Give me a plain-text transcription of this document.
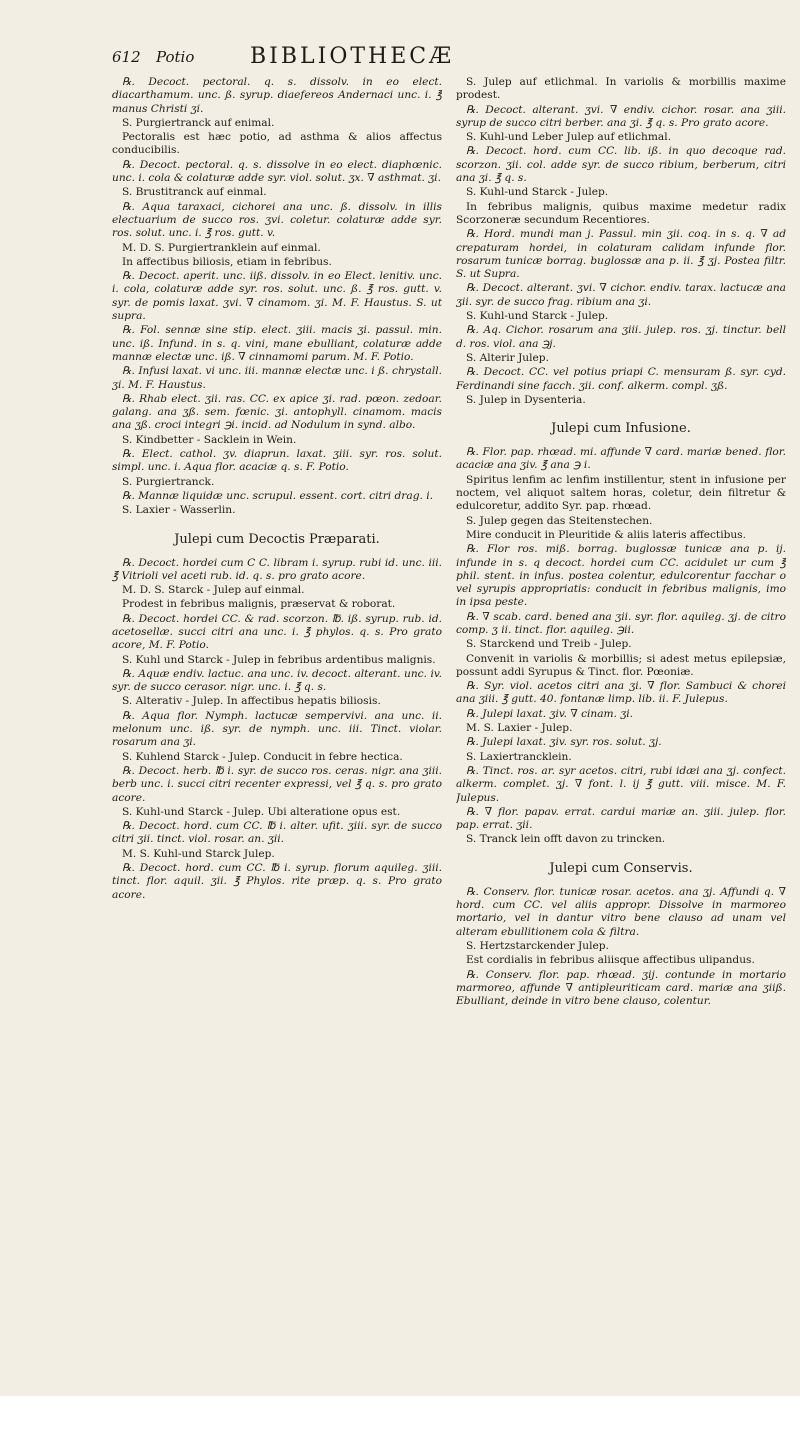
612 Potio	BIBLIOTHECÆ

℞. Decoct. pectoral. q. s. dissolv. in eo elect. diacarthamum. unc. ß. syrup. diaefereos Andernaci unc. i. ℥ manus Christi ʒi.

S. Purgiertranck auf enimal.

Pectoralis est hæc potio, ad asthma & alios affectus conducibilis.

℞. Decoct. pectoral. q. s. dissolve in eo elect. diaphœnic. unc. i. cola & colaturæ adde syr. viol. solut. ʒx. ∇ asthmat. ʒi.

S. Brustitranck auf einmal.

℞. Aqua taraxaci, cichorei ana unc. ß. dissolv. in illis electuarium de succo ros. ʒvi. coletur. colaturæ adde syr. ros. solut. unc. i. ℥ ros. gutt. v.

M. D. S. Purgiertranklein auf einmal.

In affectibus biliosis, etiam in febribus.

℞. Decoct. aperit. unc. iiß. dissolv. in eo Elect. lenitiv. unc. i. cola, colaturæ adde syr. ros. solut. unc. ß. ℥ ros. gutt. v. syr. de pomis laxat. ʒvi. ∇ cinamom. ʒi. M. F. Haustus. S. ut supra.

℞. Fol. sennæ sine stip. elect. ʒiii. macis ʒi. passul. min. unc. iß. Infund. in s. q. vini, mane ebulliant, colaturæ adde mannæ electæ unc. iß. ∇ cinnamomi parum. M. F. Potio.

℞. Infusi laxat. vi unc. iii. mannæ electæ unc. i ß. chrystall. ʒi. M. F. Haustus.

℞. Rhab elect. ʒii. ras. CC. ex apice ʒi. rad. pœon. zedoar. galang. ana ʒß. sem. fœnic. ʒi. antophyll. cinamom. macis ana ʒß. croci integri ℈i. incid. ad Nodulum in synd. albo.

S. Kindbetter - Sacklein in Wein.

℞. Elect. cathol. ʒv. diaprun. laxat. ʒiii. syr. ros. solut. simpl. unc. i. Aqua flor. acaciæ q. s. F. Potio.

S. Purgiertranck.

℞. Mannæ liquidæ unc. scrupul. essent. cort. citri drag. i.

S. Laxier - Wasserlin.

Julepi cum Decoctis Præparati.

℞. Decoct. hordei cum C C. libram i. syrup. rubi id. unc. iii. ℥ Vitrioli vel aceti rub. id. q. s. pro grato acore.

M. D. S. Starck - Julep auf einmal.

Prodest in febribus malignis, præservat & roborat.

℞. Decoct. hordei CC. & rad. scorzon. ℔. iß. syrup. rub. id. acetosellæ. succi citri ana unc. i. ℥ phylos. q. s. Pro grato acore, M. F. Potio.

S. Kuhl und Starck - Julep in febribus ardentibus malignis.

℞. Aquæ endiv. lactuc. ana unc. iv. decoct. alterant. unc. iv. syr. de succo cerasor. nigr. unc. i. ℥ q. s.

S. Alterativ - Julep. In affectibus hepatis biliosis.

℞. Aqua flor. Nymph. lactucæ sempervivi. ana unc. ii. melonum unc. iß. syr. de nymph. unc. iii. Tinct. violar. rosarum ana ʒi.

S. Kuhlend Starck - Julep. Conducit in febre hectica.

℞. Decoct. herb. ℔ i. syr. de succo ros. ceras. nigr. ana ʒiii. berb unc. i. succi citri recenter expressi, vel ℥ q. s. pro grato acore.

S. Kuhl-und Starck - Julep. Ubi alteratione opus est.

℞. Decoct. hord. cum CC. ℔ i. alter. ufit. ʒiii. syr. de succo citri ʒii. tinct. viol. rosar. an. ʒii.

M. S. Kuhl-und Starck Julep.

℞. Decoct. hord. cum CC. ℔ i. syrup. florum aquileg. ʒiii. tinct. flor. aquil. ʒii. ℥ Phylos. rite præp. q. s. Pro grato acore.

S. Julep auf etlichmal. In variolis & morbillis maxime prodest.

℞. Decoct. alterant. ʒvi. ∇ endiv. cichor. rosar. ana ʒiii. syrup de succo citri berber. ana ʒi. ℥ q. s. Pro grato acore.

S. Kuhl-und Leber Julep auf etlichmal.

℞. Decoct. hord. cum CC. lib. iß. in quo decoque rad. scorzon. ʒii. col. adde syr. de succo ribium, berberum, citri ana ʒi. ℥ q. s.

S. Kuhl-und Starck - Julep.

In febribus malignis, quibus maxime medetur radix Scorzoneræ secundum Recentiores.

℞. Hord. mundi man j. Passul. min ʒii. coq. in s. q. ∇ ad crepaturam hordei, in colaturam calidam infunde flor. rosarum tunicæ borrag. buglossæ ana p. ii. ℥ ʒj. Postea filtr. S. ut Supra.

℞. Decoct. alterant. ʒvi. ∇ cichor. endiv. tarax. lactucæ ana ʒii. syr. de succo frag. ribium ana ʒi.

S. Kuhl-und Starck - Julep.

℞. Aq. Cichor. rosarum ana ʒiii. julep. ros. ʒj. tinctur. bell d. ros. viol. ana ℈j.

S. Alterir Julep.

℞. Decoct. CC. vel potius priapi C. mensuram ß. syr. cyd. Ferdinandi sine facch. ʒii. conf. alkerm. compl. ʒß.

S. Julep in Dysenteria.

Julepi cum Infusione.

℞. Flor. pap. rhœad. mi. affunde ∇ card. mariæ bened. flor. acaciæ ana ʒiv. ℥ ana ℈ i.

Spiritus lenfim ac lenfim instillentur, stent in infusione per noctem, vel aliquot saltem horas, coletur, dein filtretur & edulcoretur, addito Syr. pap. rhœad.

S. Julep gegen das Steitenstechen.

Mire conducit in Pleuritide & aliis lateris affectibus.

℞. Flor ros. miß. borrag. buglossæ tunicæ ana p. ij. infunde in s. q decoct. hordei cum CC. acidulet ur cum ℥ phil. stent. in infus. postea colentur, edulcorentur facchar o vel syrupis appropriatis: conducit in febribus malignis, imo in ipsa peste.

℞. ∇ scab. card. bened ana ʒii. syr. flor. aquileg. ʒj. de citro comp. ʒ ii. tinct. flor. aquileg. ℈ii.

S. Starckend und Treib - Julep.

Convenit in variolis & morbillis; si adest metus epilepsiæ, possunt addi Syrupus & Tinct. flor. Pœoniæ.

℞. Syr. viol. acetos citri ana ʒi. ∇ flor. Sambuci & chorei ana ʒiii. ℥ gutt. 40. fontanæ limp. lib. ii. F. Julepus.

℞. Julepi laxat. ʒiv. ∇ cinam. ʒi.

M. S. Laxier - Julep.

℞. Julepi laxat. ʒiv. syr. ros. solut. ʒj.

S. Laxiertrancklein.

℞. Tinct. ros. ar. syr acetos. citri, rubi idæi ana ʒj. confect. alkerm. complet. ʒj. ∇ font. l. ij ℥ gutt. viii. misce. M. F. Julepus.

℞. ∇ flor. papav. errat. cardui mariæ an. ʒiii. julep. flor. pap. errat. ʒii.

S. Tranck lein offt davon zu trincken.

Julepi cum Conservis.

℞. Conserv. flor. tunicæ rosar. acetos. ana ʒj. Affundi q. ∇ hord. cum CC. vel aliis appropr. Dissolve in marmoreo mortario, vel in dantur vitro bene clauso ad unam vel alteram ebullitionem cola & filtra.

S. Hertzstarckender Julep.

Est cordialis in febribus aliisque affectibus ulipandus.

℞. Conserv. flor. pap. rhœad. ʒij. contunde in mortario marmoreo, affunde ∇ antipleuriticam card. mariæ ana ʒiiß. Ebulliant, deinde in vitro bene clauso, colentur.
